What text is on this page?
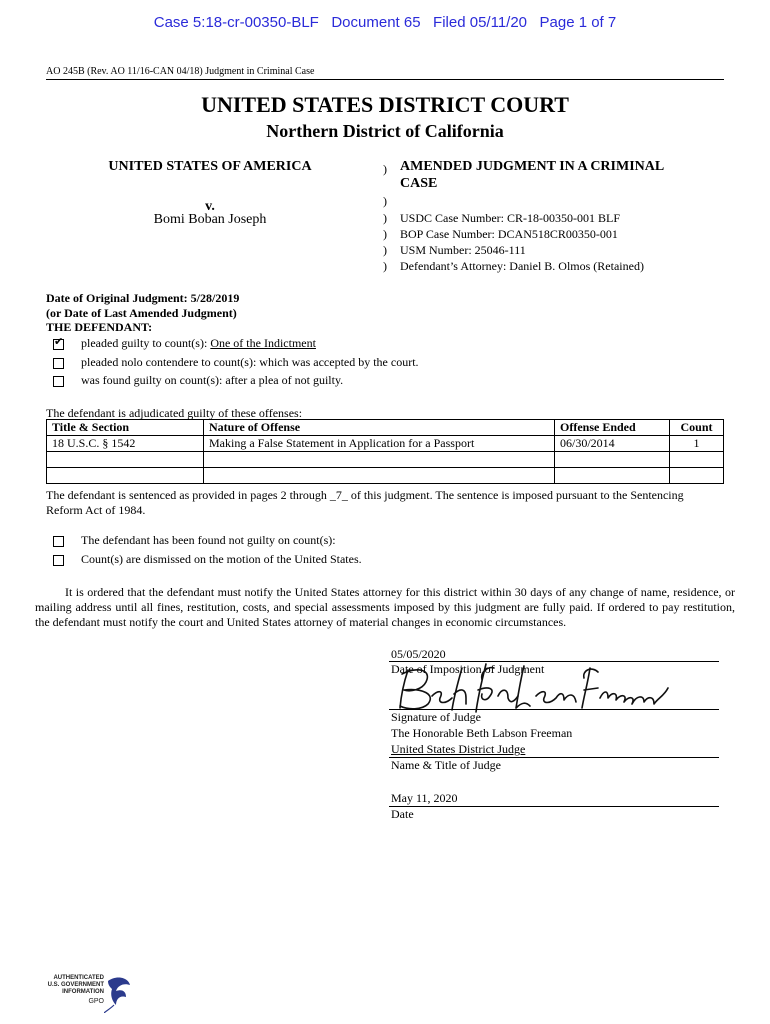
Case 5:18-cr-00350-BLF   Document 65   Filed 05/11/20   Page 1 of 7
AO 245B (Rev. AO 11/16-CAN 04/18) Judgment in Criminal Case
UNITED STATES DISTRICT COURT
Northern District of California
UNITED STATES OF AMERICA
v.
Bomi Boban Joseph
)
)
)
)
)
)
AMENDED JUDGMENT IN A CRIMINAL
CASE
USDC Case Number: CR-18-00350-001 BLF
BOP Case Number: DCAN518CR00350-001
USM Number: 25046-111
Defendant’s Attorney: Daniel B. Olmos (Retained)
Date of Original Judgment: 5/28/2019
(or Date of Last Amended Judgment)
THE DEFENDANT:
✔ pleaded guilty to count(s): One of the Indictment
pleaded nolo contendere to count(s): which was accepted by the court.
was found guilty on count(s): after a plea of not guilty.
The defendant is adjudicated guilty of these offenses:
Title & Section	Nature of Offense	Offense Ended	Count
18 U.S.C. § 1542	Making a False Statement in Application for a Passport	06/30/2014	1

The defendant is sentenced as provided in pages 2 through _7_ of this judgment. The sentence is imposed pursuant to the Sentencing
Reform Act of 1984.
The defendant has been found not guilty on count(s):
Count(s) are dismissed on the motion of the United States.
It is ordered that the defendant must notify the United States attorney for this district within 30 days of any change of name, residence, or mailing address until all fines, restitution, costs, and special assessments imposed by this judgment are fully paid. If ordered to pay restitution, the defendant must notify the court and United States attorney of material changes in economic circumstances.
05/05/2020
Date of Imposition of Judgment
Signature of Judge
The Honorable Beth Labson Freeman
United States District Judge
Name & Title of Judge
May 11, 2020
Date
AUTHENTICATED
U.S. GOVERNMENT
INFORMATION
GPO
